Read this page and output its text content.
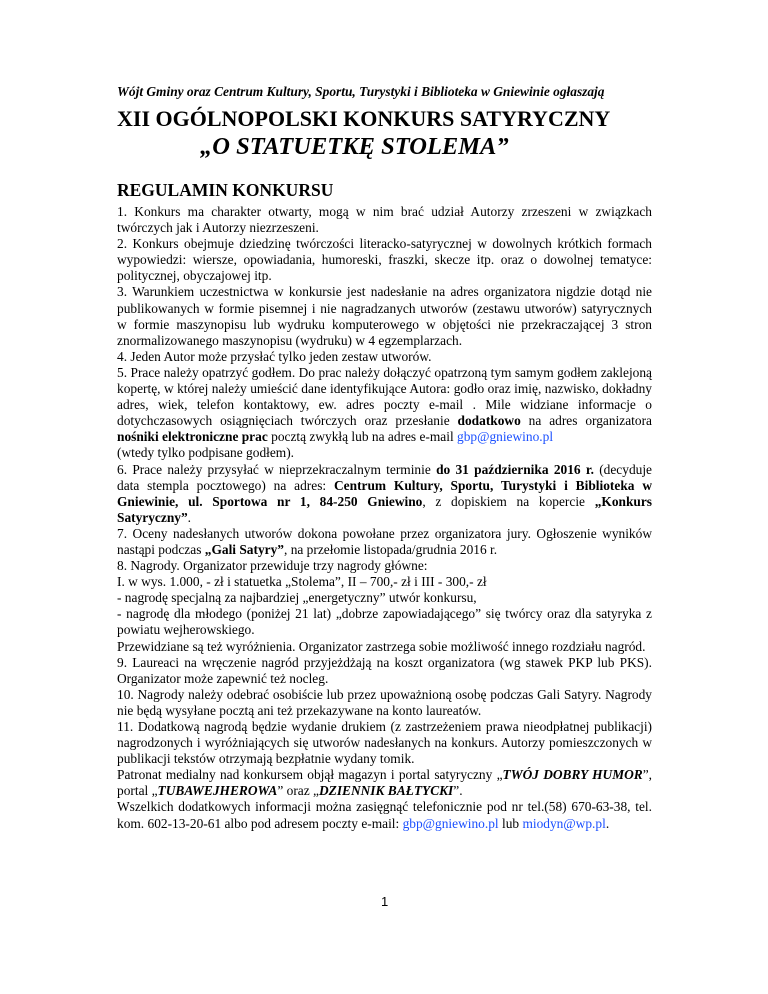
Wójt Gminy oraz Centrum Kultury, Sportu, Turystyki i Biblioteka w Gniewinie ogłaszają
XII OGÓLNOPOLSKI KONKURS SATYRYCZNY
„O STATUETKĘ STOLEMA”
REGULAMIN KONKURSU

1. Konkurs ma charakter otwarty, mogą w nim brać udział Autorzy zrzeszeni w związkach twórczych jak i Autorzy niezrzeszeni.

2. Konkurs obejmuje dziedzinę twórczości literacko-satyrycznej w dowolnych krótkich formach wypowiedzi: wiersze, opowiadania, humoreski, fraszki, skecze itp. oraz o dowolnej tematyce: politycznej, obyczajowej itp.

3. Warunkiem uczestnictwa w konkursie jest nadesłanie na adres organizatora nigdzie dotąd nie publikowanych w formie pisemnej i nie nagradzanych utworów (zestawu utworów) satyrycznych w formie maszynopisu lub wydruku komputerowego w objętości nie przekraczającej 3 stron znormalizowanego maszynopisu (wydruku) w 4 egzemplarzach.

4. Jeden Autor może przysłać tylko jeden zestaw utworów.

5. Prace należy opatrzyć godłem. Do prac należy dołączyć opatrzoną tym samym godłem zaklejoną kopertę, w której należy umieścić dane identyfikujące Autora: godło oraz imię, nazwisko, dokładny adres, wiek, telefon kontaktowy, ew. adres poczty e-mail . Mile widziane informacje o dotychczasowych osiągnięciach twórczych oraz przesłanie dodatkowo na adres organizatora nośniki elektroniczne prac pocztą zwykłą lub na adres e-mail gbp@gniewino.pl
(wtedy tylko podpisane godłem).

6. Prace należy przysyłać w nieprzekraczalnym terminie do 31 października 2016 r. (decyduje data stempla pocztowego) na adres: Centrum Kultury, Sportu, Turystyki i Biblioteka w Gniewinie, ul. Sportowa nr 1, 84-250 Gniewino, z dopiskiem na kopercie „Konkurs Satyryczny”.

7. Oceny nadesłanych utworów dokona powołane przez organizatora jury. Ogłoszenie wyników nastąpi podczas „Gali Satyry”, na przełomie listopada/grudnia 2016 r.

8. Nagrody. Organizator przewiduje trzy nagrody główne:

I. w wys. 1.000, - zł i statuetka „Stolema”, II – 700,- zł i III - 300,- zł

- nagrodę specjalną za najbardziej „energetyczny” utwór konkursu,

- nagrodę dla młodego (poniżej 21 lat) „dobrze zapowiadającego” się twórcy oraz dla satyryka z powiatu wejherowskiego.

Przewidziane są też wyróżnienia. Organizator zastrzega sobie możliwość innego rozdziału nagród.

9. Laureaci na wręczenie nagród przyjeżdżają na koszt organizatora (wg stawek PKP lub PKS). Organizator może zapewnić też nocleg.

10. Nagrody należy odebrać osobiście lub przez upoważnioną osobę podczas Gali Satyry. Nagrody nie będą wysyłane pocztą ani też przekazywane na konto laureatów.

11. Dodatkową nagrodą będzie wydanie drukiem (z zastrzeżeniem prawa nieodpłatnej publikacji) nagrodzonych i wyróżniających się utworów nadesłanych na konkurs. Autorzy pomieszczonych w publikacji tekstów otrzymają bezpłatnie wydany tomik.

Patronat medialny nad konkursem objął magazyn i portal satyryczny „TWÓJ DOBRY HUMOR”, portal „TUBAWEJHEROWA” oraz „DZIENNIK BAŁTYCKI”.

Wszelkich dodatkowych informacji można zasięgnąć telefonicznie pod nr tel.(58) 670-63-38, tel. kom. 602-13-20-61 albo pod adresem poczty e-mail: gbp@gniewino.pl lub miodyn@wp.pl.

1
